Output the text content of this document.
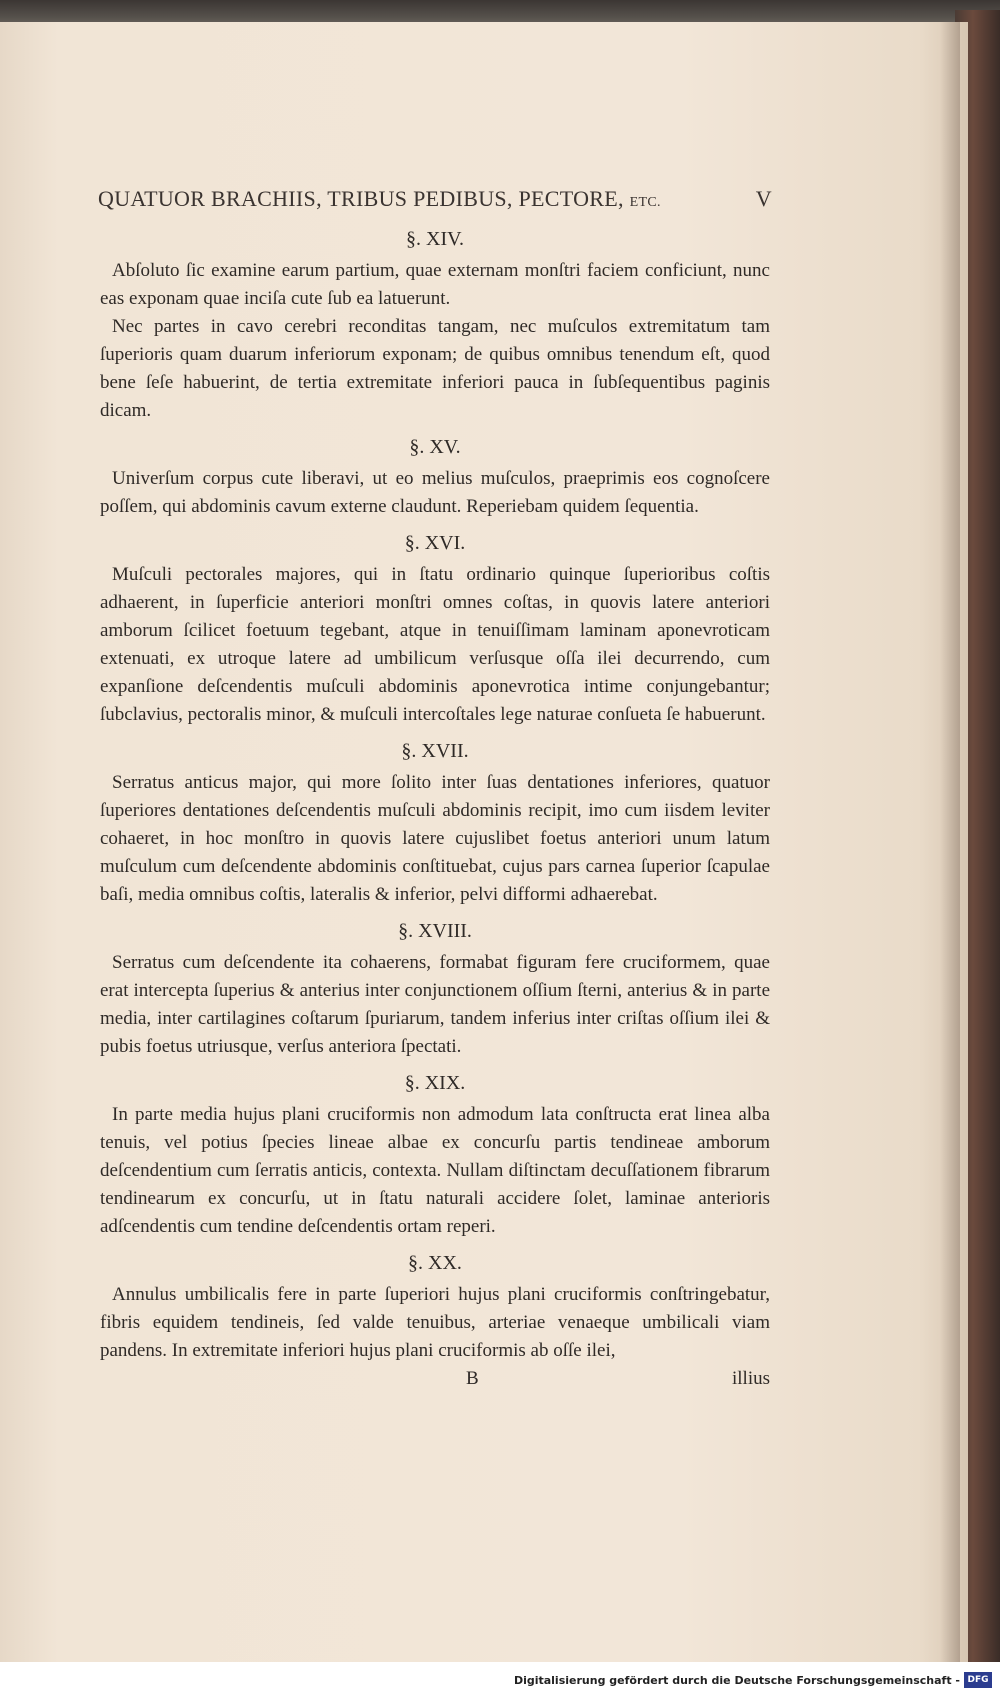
QUATUOR BRACHIIS, TRIBUS PEDIBUS, PECTORE, ETC.	V
§. XIV.

Abſoluto ſic examine earum partium, quae externam monſtri faciem conficiunt, nunc eas exponam quae inciſa cute ſub ea latuerunt.

Nec partes in cavo cerebri reconditas tangam, nec muſculos extremitatum tam ſuperioris quam duarum inferiorum exponam; de quibus omnibus tenendum eſt, quod bene ſeſe habuerint, de tertia extremitate inferiori pauca in ſubſequentibus paginis dicam.

§. XV.

Univerſum corpus cute liberavi, ut eo melius muſculos, praeprimis eos cognoſcere poſſem, qui abdominis cavum externe claudunt. Reperiebam quidem ſequentia.

§. XVI.

Muſculi pectorales majores, qui in ſtatu ordinario quinque ſuperioribus coſtis adhaerent, in ſuperficie anteriori monſtri omnes coſtas, in quovis latere anteriori amborum ſcilicet foetuum tegebant, atque in tenuiſſimam laminam aponevroticam extenuati, ex utroque latere ad umbilicum verſusque oſſa ilei decurrendo, cum expanſione deſcendentis muſculi abdominis aponevrotica intime conjungebantur; ſubclavius, pectoralis minor, & muſculi intercoſtales lege naturae conſueta ſe habuerunt.

§. XVII.

Serratus anticus major, qui more ſolito inter ſuas dentationes inferiores, quatuor ſuperiores dentationes deſcendentis muſculi abdominis recipit, imo cum iisdem leviter cohaeret, in hoc monſtro in quovis latere cujuslibet foetus anteriori unum latum muſculum cum deſcendente abdominis conſtituebat, cujus pars carnea ſuperior ſcapulae baſi, media omnibus coſtis, lateralis & inferior, pelvi difformi adhaerebat.

§. XVIII.

Serratus cum deſcendente ita cohaerens, formabat figuram fere cruciformem, quae erat intercepta ſuperius & anterius inter conjunctionem oſſium ſterni, anterius & in parte media, inter cartilagines coſtarum ſpuriarum, tandem inferius inter criſtas oſſium ilei & pubis foetus utriusque, verſus anteriora ſpectati.

§. XIX.

In parte media hujus plani cruciformis non admodum lata conſtructa erat linea alba tenuis, vel potius ſpecies lineae albae ex concurſu partis tendineae amborum deſcendentium cum ſerratis anticis, contexta. Nullam diſtinctam decuſſationem fibrarum tendinearum ex concurſu, ut in ſtatu naturali accidere ſolet, laminae anterioris adſcendentis cum tendine deſcendentis ortam reperi.

§. XX.

Annulus umbilicalis fere in parte ſuperiori hujus plani cruciformis conſtringebatur, fibris equidem tendineis, ſed valde tenuibus, arteriae venaeque umbilicali viam pandens. In extremitate inferiori hujus plani cruciformis ab oſſe ilei,

B	illius
Digitalisierung gefördert durch die Deutsche Forschungsgemeinschaft - DFG
